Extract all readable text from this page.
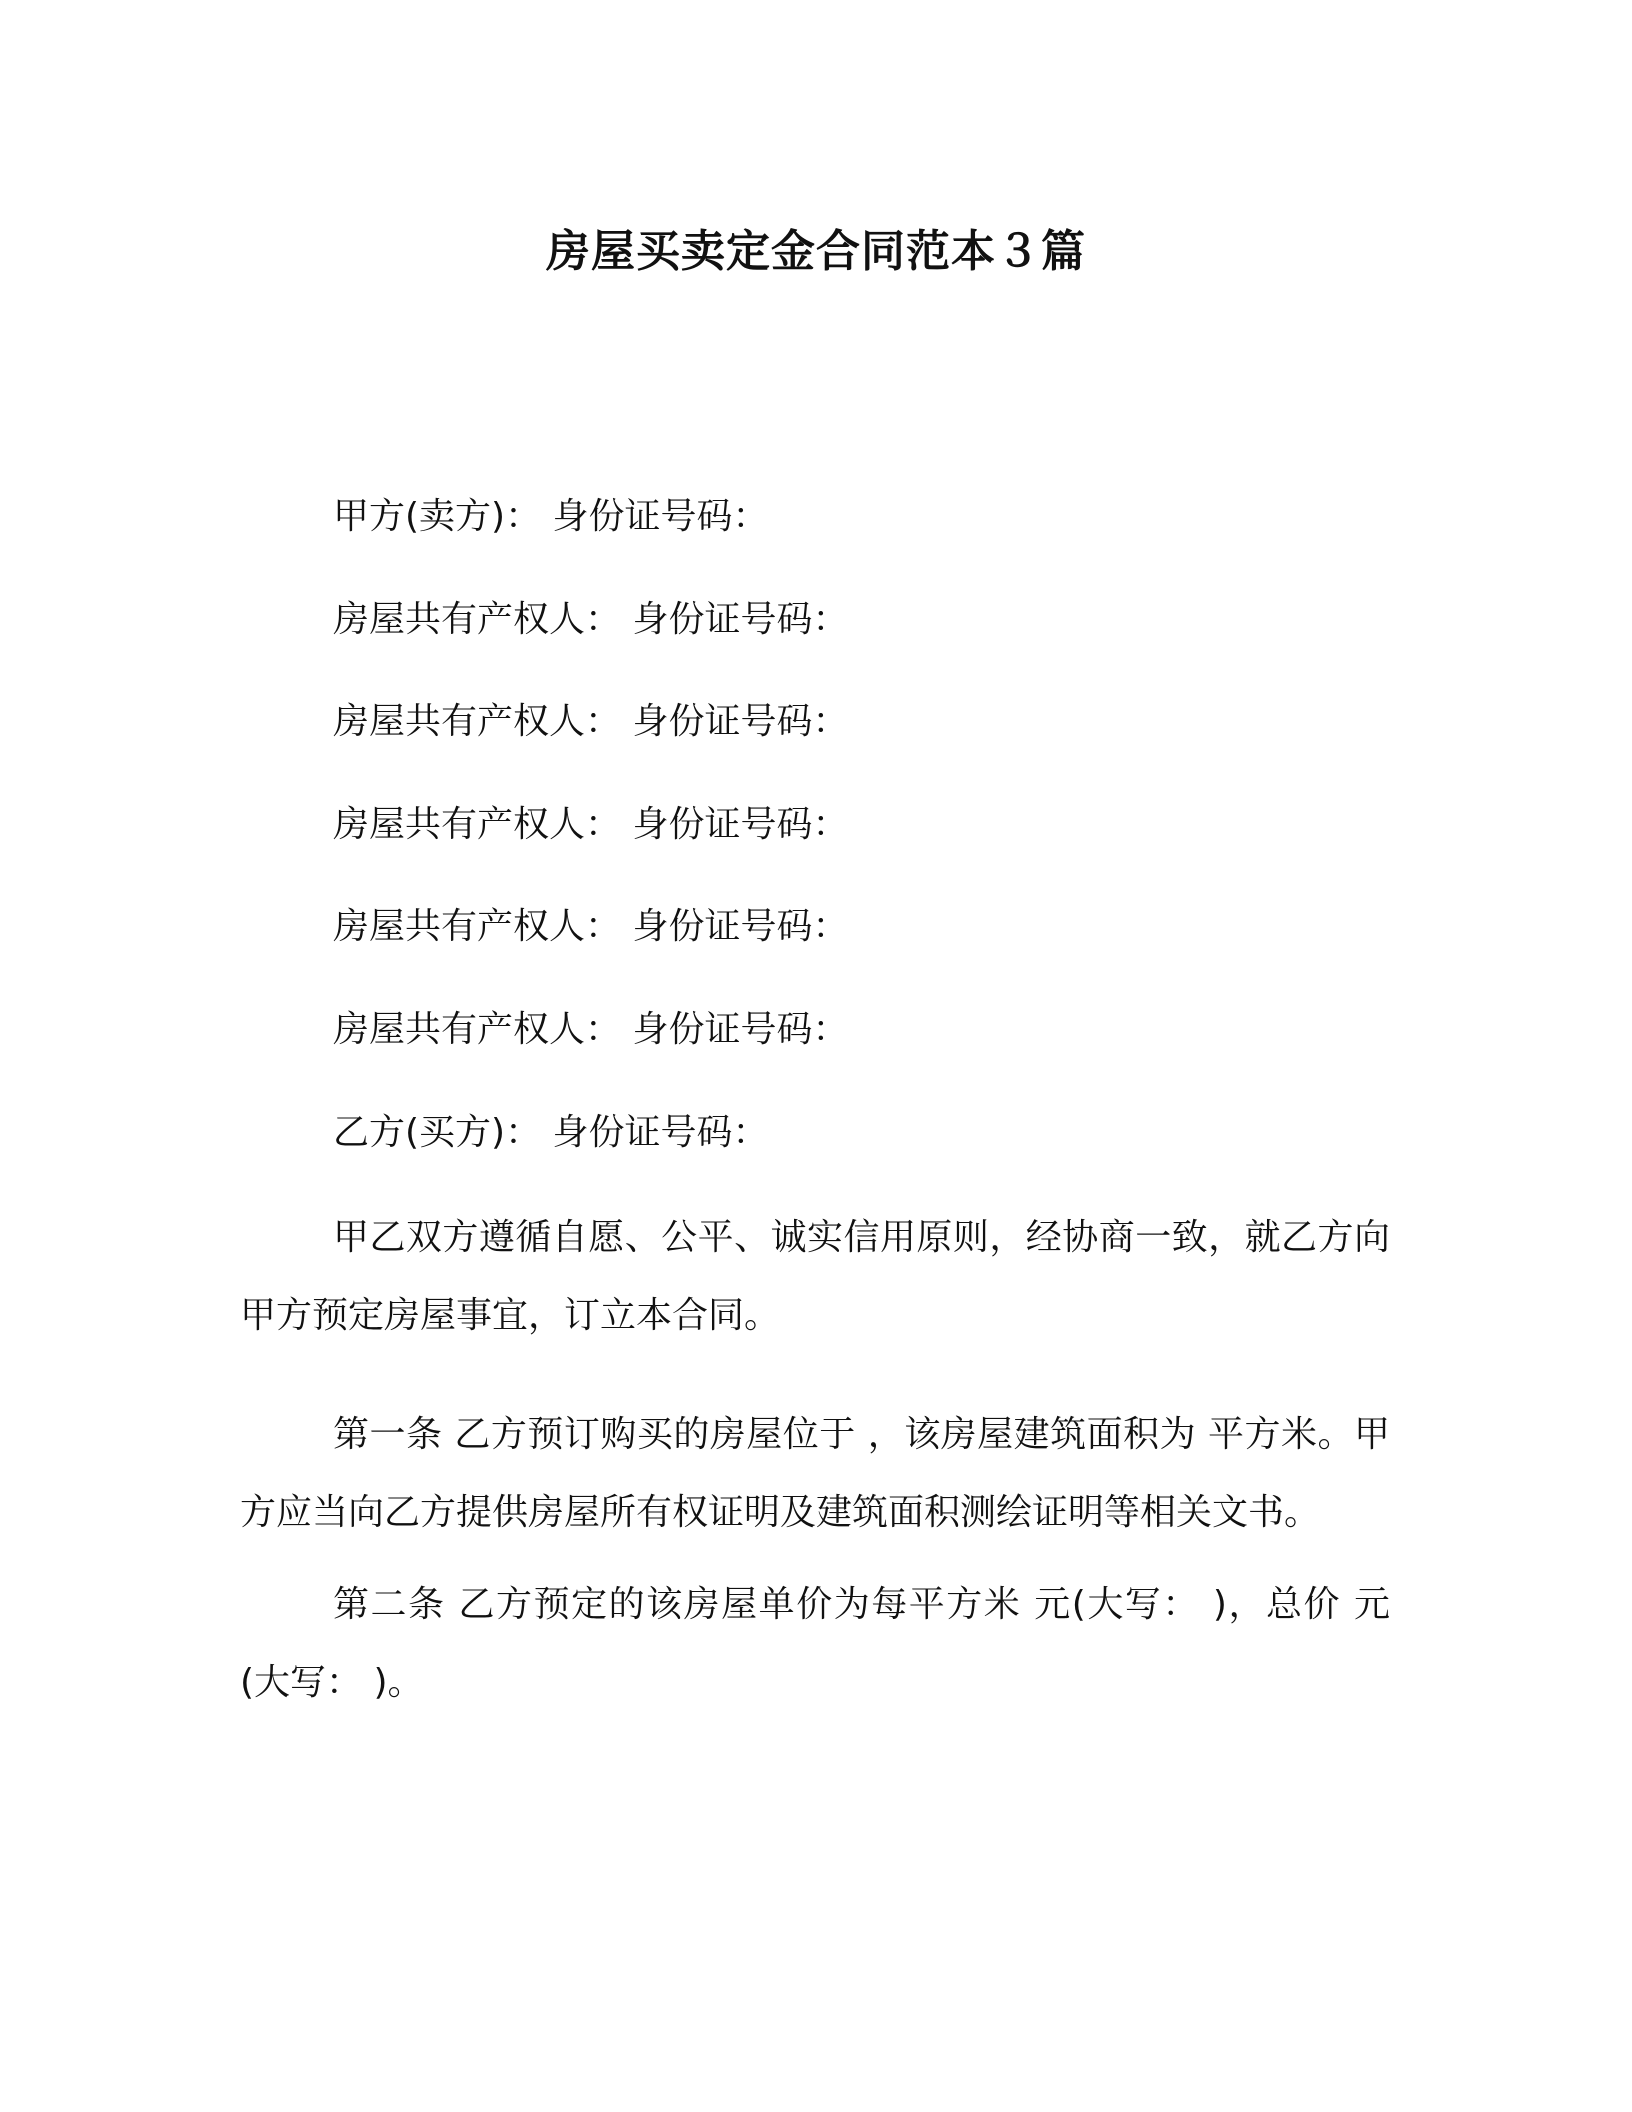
房屋买卖定金合同范本３篇
甲方(卖方)： 身份证号码：
房屋共有产权人： 身份证号码：
房屋共有产权人： 身份证号码：
房屋共有产权人： 身份证号码：
房屋共有产权人： 身份证号码：
房屋共有产权人： 身份证号码：
乙方(买方)： 身份证号码：
甲乙双方遵循自愿、公平、诚实信用原则，经协商一致，就乙方向甲方预定房屋事宜，订立本合同。
第一条 乙方预订购买的房屋位于 ，该房屋建筑面积为 平方米。甲方应当向乙方提供房屋所有权证明及建筑面积测绘证明等相关文书。
第二条 乙方预定的该房屋单价为每平方米 元(大写： )，总价 元(大写： )。
